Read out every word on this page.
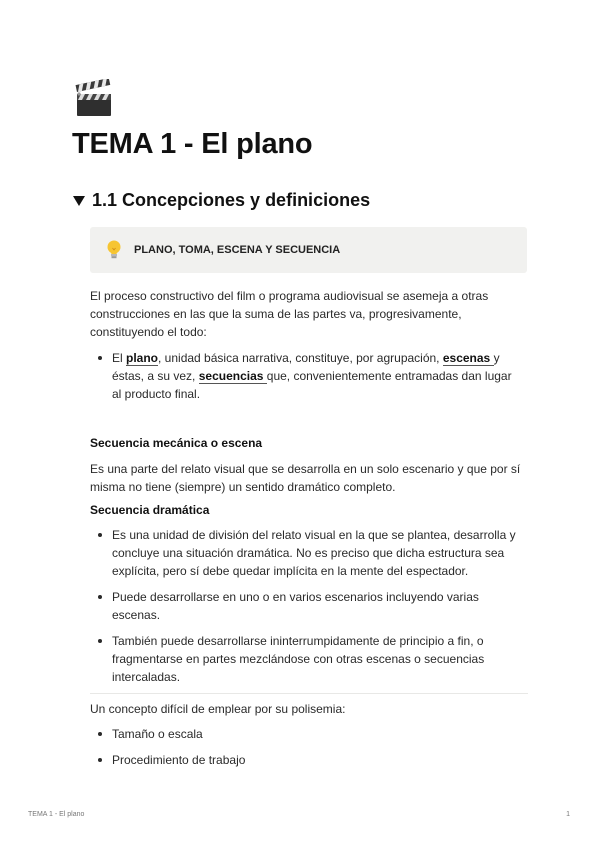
TEMA 1 - El plano
1.1 Concepciones y definiciones
PLANO, TOMA, ESCENA Y SECUENCIA
El proceso constructivo del film o programa audiovisual se asemeja a otras
construcciones en las que la suma de las partes va, progresivamente,
constituyendo el todo:
El plano, unidad básica narrativa, constituye, por agrupación, escenas y
éstas, a su vez, secuencias que, convenientemente entramadas dan lugar
al producto final.
Secuencia mecánica o escena
Es una parte del relato visual que se desarrolla en un solo escenario y que por sí
misma no tiene (siempre) un sentido dramático completo.
Secuencia dramática
Es una unidad de división del relato visual en la que se plantea, desarrolla y
concluye una situación dramática. No es preciso que dicha estructura sea
explícita, pero sí debe quedar implícita en la mente del espectador.
Puede desarrollarse en uno o en varios escenarios incluyendo varias
escenas.
También puede desarrollarse ininterrumpidamente de principio a fin, o
fragmentarse en partes mezclándose con otras escenas o secuencias
intercaladas.
Un concepto difícil de emplear por su polisemia:
Tamaño o escala
Procedimiento de trabajo
TEMA 1 - El plano	1
